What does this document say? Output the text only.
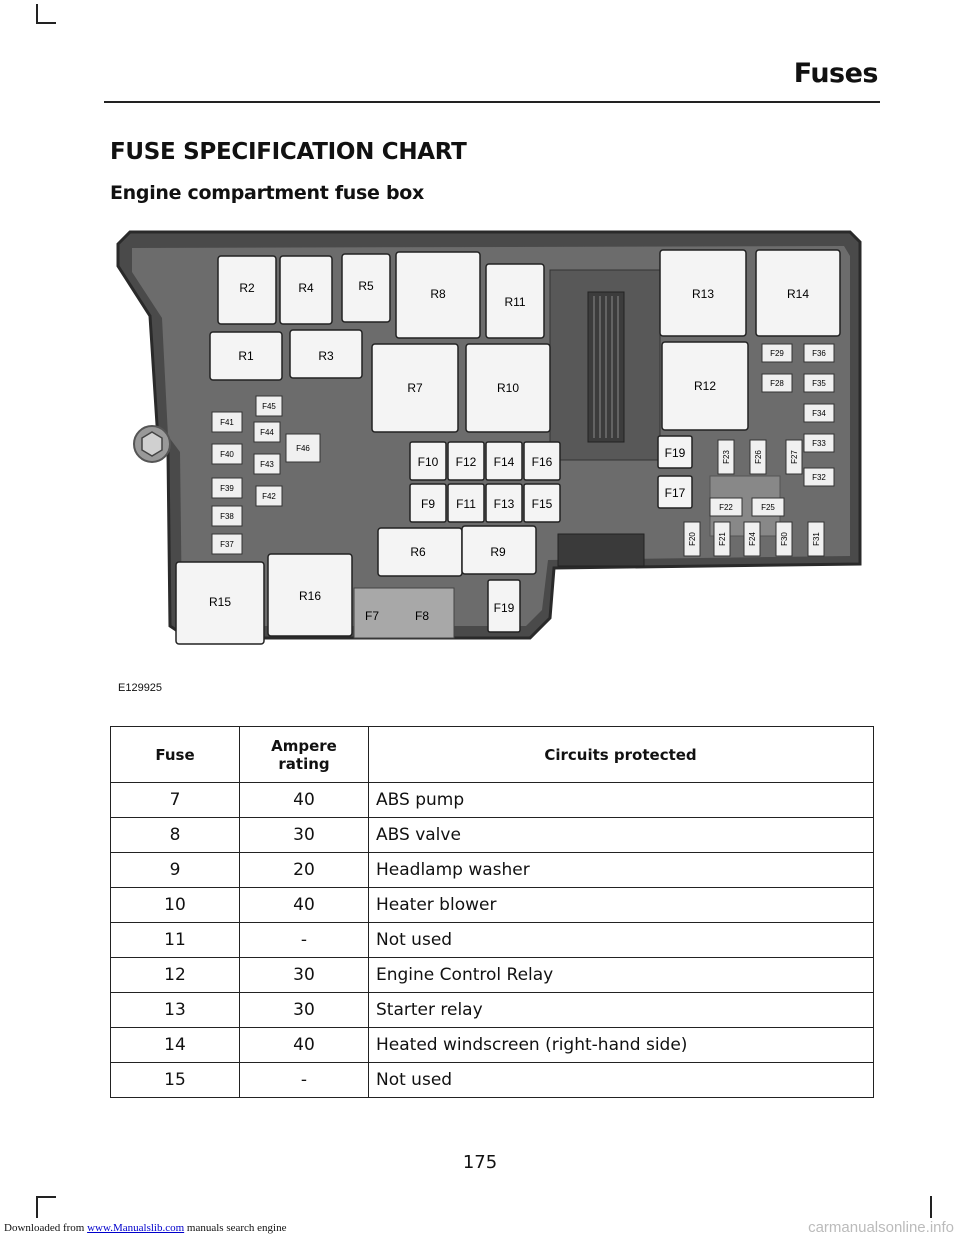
Fuses
FUSE SPECIFICATION CHART
Engine compartment fuse box
R2	R4	R5
R8
R11
R13	R14
R1	R3
R7	R10	R12
R6	R9
R15	R16
F10 F12 F14 F16
F9 F11 F13 F15
F19
F17
F19
F7	F8
F41
F40
F39
F38
F37
F45
F44
F43
F42
F46
F29
F28
F36
F35
F34
F33
F32
F22	F25
F23	F26	F27
F20	F21	F24	F30	F31
E129925
Fuse	Ampere rating	Circuits protected
7	40	ABS pump
8	30	ABS valve
9	20	Headlamp washer
10	40	Heater blower
11	-	Not used
12	30	Engine Control Relay
13	30	Starter relay
14	40	Heated windscreen (right-hand side)
15	-	Not used
175
Downloaded from www.Manualslib.com manuals search engine	carmanualsonline.info
